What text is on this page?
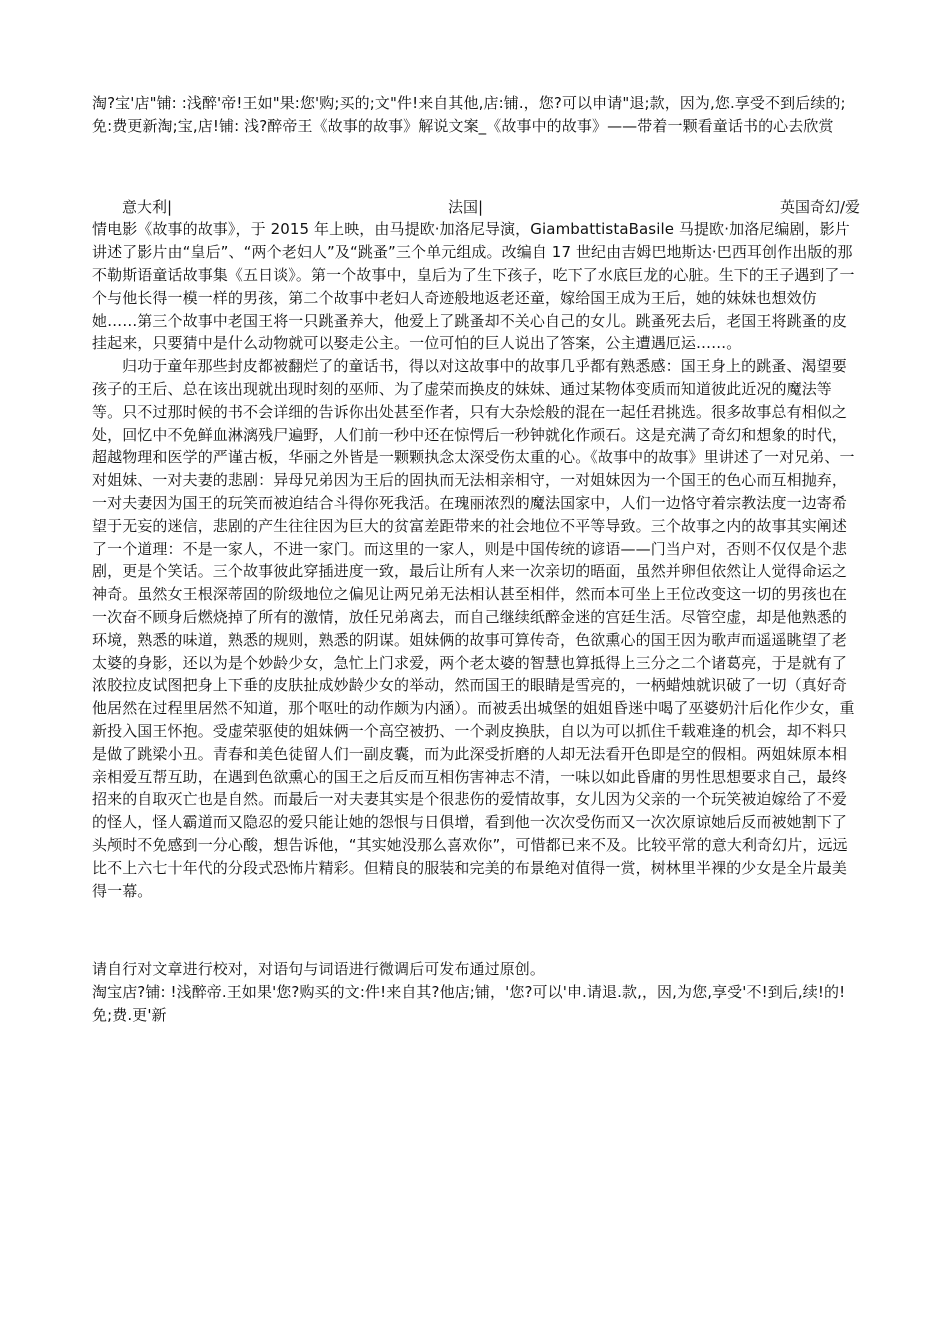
淘?宝'店"铺: :浅醉'帝!王如"果:您'购;买的;文"件!来自其他,店:铺.，您?可以申请"退;款，因为,您.享受不到后续的;免:费更新淘;宝,店!铺: 浅?醉帝王《故事的故事》解说文案_《故事中的故事》——带着一颗看童话书的心去欣赏

意大利|	法国|	英国奇幻/爱

情电影《故事的故事》，于 2015 年上映，由马提欧·加洛尼导演，GiambattistaBasile 马提欧·加洛尼编剧，影片讲述了影片由“皇后”、“两个老妇人”及“跳蚤”三个单元组成。改编自 17 世纪由吉姆巴地斯达·巴西耳创作出版的那不勒斯语童话故事集《五日谈》。第一个故事中，皇后为了生下孩子，吃下了水底巨龙的心脏。生下的王子遇到了一个与他长得一模一样的男孩，第二个故事中老妇人奇迹般地返老还童，嫁给国王成为王后，她的妹妹也想效仿她……第三个故事中老国王将一只跳蚤养大，他爱上了跳蚤却不关心自己的女儿。跳蚤死去后，老国王将跳蚤的皮挂起来，只要猜中是什么动物就可以娶走公主。一位可怕的巨人说出了答案，公主遭遇厄运……。

归功于童年那些封皮都被翻烂了的童话书，得以对这故事中的故事几乎都有熟悉感：国王身上的跳蚤、渴望要孩子的王后、总在该出现就出现时刻的巫师、为了虚荣而换皮的妹妹、通过某物体变质而知道彼此近况的魔法等等。只不过那时候的书不会详细的告诉你出处甚至作者，只有大杂烩般的混在一起任君挑选。很多故事总有相似之处，回忆中不免鲜血淋漓残尸遍野，人们前一秒中还在惊愕后一秒钟就化作顽石。这是充满了奇幻和想象的时代，超越物理和医学的严谨古板，华丽之外皆是一颗颗执念太深受伤太重的心。《故事中的故事》里讲述了一对兄弟、一对姐妹、一对夫妻的悲剧：异母兄弟因为王后的固执而无法相亲相守，一对姐妹因为一个国王的色心而互相抛弃，一对夫妻因为国王的玩笑而被迫结合斗得你死我活。在瑰丽浓烈的魔法国家中，人们一边恪守着宗教法度一边寄希望于无妄的迷信，悲剧的产生往往因为巨大的贫富差距带来的社会地位不平等导致。三个故事之内的故事其实阐述了一个道理：不是一家人，不进一家门。而这里的一家人，则是中国传统的谚语——门当户对，否则不仅仅是个悲剧，更是个笑话。三个故事彼此穿插进度一致，最后让所有人来一次亲切的晤面，虽然并卵但依然让人觉得命运之神奇。虽然女王根深蒂固的阶级地位之偏见让两兄弟无法相认甚至相伴，然而本可坐上王位改变这一切的男孩也在一次奋不顾身后燃烧掉了所有的激情，放任兄弟离去，而自己继续纸醉金迷的宫廷生活。尽管空虚，却是他熟悉的环境，熟悉的味道，熟悉的规则，熟悉的阴谋。姐妹俩的故事可算传奇，色欲熏心的国王因为歌声而遥遥眺望了老太婆的身影，还以为是个妙龄少女，急忙上门求爱，两个老太婆的智慧也算抵得上三分之二个诸葛亮，于是就有了浓胶拉皮试图把身上下垂的皮肤扯成妙龄少女的举动，然而国王的眼睛是雪亮的，一柄蜡烛就识破了一切（真好奇他居然在过程里居然不知道，那个呕吐的动作颇为内涵）。而被丢出城堡的姐姐昏迷中喝了巫婆奶汁后化作少女，重新投入国王怀抱。受虚荣驱使的姐妹俩一个高空被扔、一个剥皮换肤，自以为可以抓住千载难逢的机会，却不料只是做了跳梁小丑。青春和美色徒留人们一副皮囊，而为此深受折磨的人却无法看开色即是空的假相。两姐妹原本相亲相爱互帮互助，在遇到色欲熏心的国王之后反而互相伤害神志不清，一味以如此昏庸的男性思想要求自己，最终招来的自取灭亡也是自然。而最后一对夫妻其实是个很悲伤的爱情故事，女儿因为父亲的一个玩笑被迫嫁给了不爱的怪人，怪人霸道而又隐忍的爱只能让她的怨恨与日俱增，看到他一次次受伤而又一次次原谅她后反而被她割下了头颅时不免感到一分心酸，想告诉他，“其实她没那么喜欢你”，可惜都已来不及。比较平常的意大利奇幻片，远远比不上六七十年代的分段式恐怖片精彩。但精良的服装和完美的布景绝对值得一赏，树林里半裸的少女是全片最美得一幕。

请自行对文章进行校对，对语句与词语进行微调后可发布通过原创。

淘宝店?铺: !浅醉帝.王如果'您?购买的文:件!来自其?他店;铺，'您?可以'申.请退.款,，因,为您,享受'不!到后,续!的!免;费.更'新
